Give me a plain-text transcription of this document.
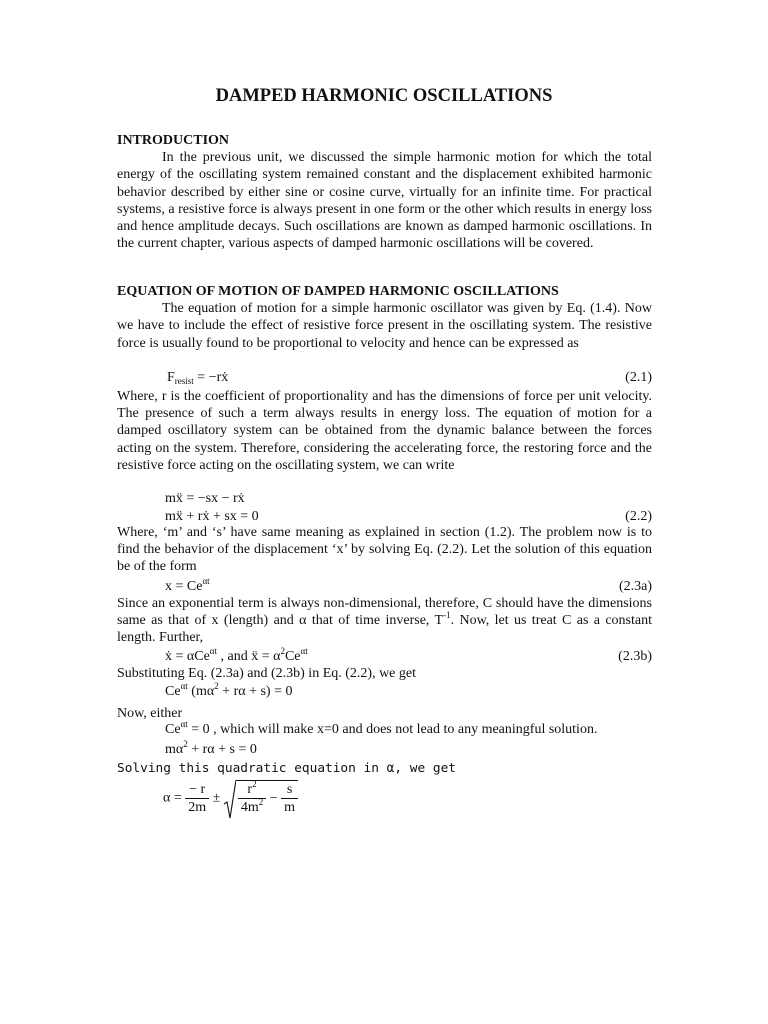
DAMPED HARMONIC OSCILLATIONS
INTRODUCTION
In the previous unit, we discussed the simple harmonic motion for which the total energy of the oscillating system remained constant and the displacement exhibited harmonic behavior described by either sine or cosine curve, virtually for an infinite time. For practical systems, a resistive force is always present in one form or the other which results in energy loss and hence amplitude decays. Such oscillations are known as damped harmonic oscillations. In the current chapter, various aspects of damped harmonic oscillations will be covered.
EQUATION OF MOTION OF DAMPED HARMONIC OSCILLATIONS
The equation of motion for a simple harmonic oscillator was given by Eq. (1.4). Now we have to include the effect of resistive force present in the oscillating system. The resistive force is usually found to be proportional to velocity and hence can be expressed as
$F_{resist}$ = −rẋ	(2.1)
Where, r is the coefficient of proportionality and has the dimensions of force per unit velocity. The presence of such a term always results in energy loss. The equation of motion for a damped oscillatory system can be obtained from the dynamic balance between the forces acting on the system. Therefore, considering the accelerating force, the restoring force and the resistive force acting on the oscillating system, we can write
mẍ = −sx − rẋ
mẍ + rẋ + sx = 0	(2.2)
Where, ‘m’ and ‘s’ have same meaning as explained in section (1.2). The problem now is to find the behavior of the displacement ‘x’ by solving Eq. (2.2). Let the solution of this equation be of the form
$x = Ce^{\alpha t}$	(2.3a)
Since an exponential term is always non-dimensional, therefore, C should have the dimensions same as that of x (length) and α that of time inverse, $T^{-1}$. Now, let us treat C as a constant length. Further,
ẋ = αCe$^{\alpha t}$ , and ẍ = $\alpha^2Ce^{\alpha t}$	(2.3b)
Substituting Eq. (2.3a) and (2.3b) in Eq. (2.2), we get
$Ce^{\alpha t}$ $(m\alpha^2 + r\alpha + s) = 0$
Now, either
$Ce^{\alpha t} = 0$ , which will make x=0 and does not lead to any meaningful solution.
$m\alpha^2 + r\alpha + s = 0$
Solving this quadratic equation in α, we get
$\alpha = \frac{- r}{2m} \pm \frac{r^2}{4m^2} - \frac{s}{m}$
